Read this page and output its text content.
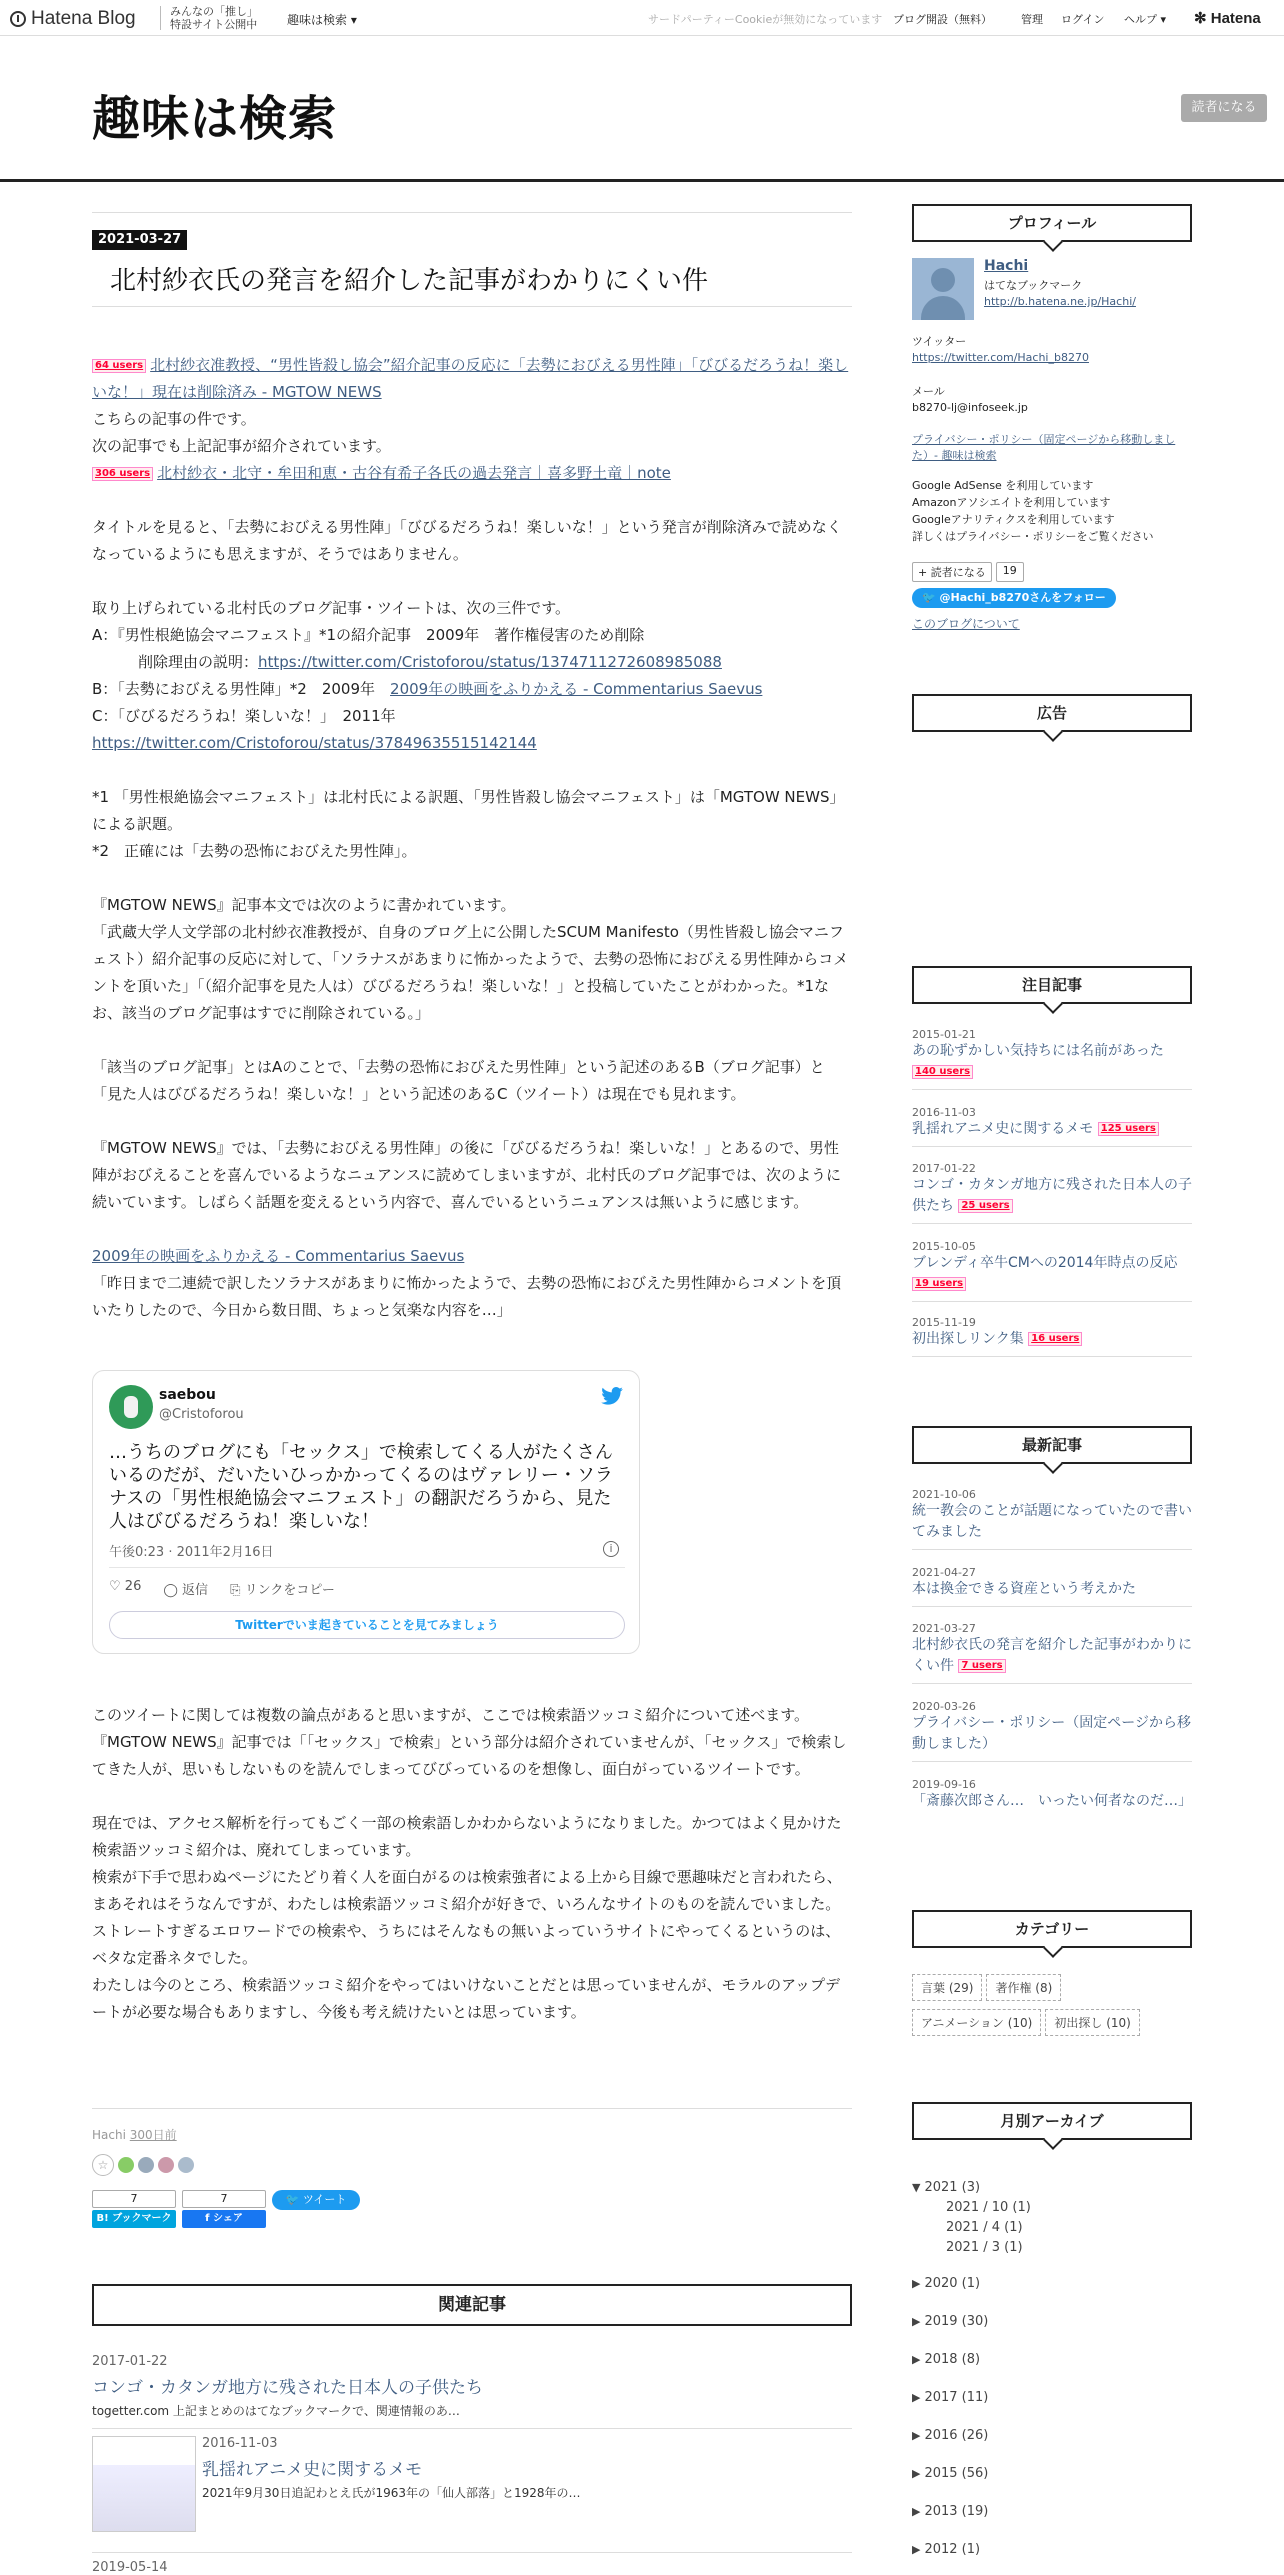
Hatena Blog	みんなの「推し」
特設サイト公開中 趣味は検索 ▾	サードパーティーCookieが無効になっています ブログ開設（無料）	管理 ログイン ヘルプ ▾ ✻ Hatena
趣味は検索	読者になる
2021-03-27
北村紗衣氏の発言を紹介した記事がわかりにくい件
64 users 北村紗衣准教授、“男性皆殺し協会”紹介記事の反応に「去勢におびえる男性陣」「びびるだろうね！楽しいな！」現在は削除済み - MGTOW NEWS
こちらの記事の件です。
次の記事でも上記記事が紹介されています。
306 users 北村紗衣・北守・牟田和恵・古谷有希子各氏の過去発言｜喜多野土竜｜note
タイトルを見ると、「去勢におびえる男性陣」「びびるだろうね！楽しいな！」という発言が削除済みで読めなくなっているようにも思えますが、そうではありません。
取り上げられている北村氏のブログ記事・ツイートは、次の三件です。
A：『男性根絶協会マニフェスト』*1の紹介記事　2009年　著作権侵害のため削除
削除理由の説明：https://twitter.com/Cristoforou/status/1374711272608985088
B：「去勢におびえる男性陣」*2　2009年　 2009年の映画をふりかえる - Commentarius Saevus
C：「びびるだろうね！楽しいな！」　2011年　https://twitter.com/Cristoforou/status/37849635515142144
*1 「男性根絶協会マニフェスト」は北村氏による訳題、「男性皆殺し協会マニフェスト」は「MGTOW NEWS」による訳題。
*2　正確には「去勢の恐怖におびえた男性陣」。
『MGTOW NEWS』記事本文では次のように書かれています。
「武蔵大学人文学部の北村紗衣准教授が、自身のブログ上に公開したSCUM Manifesto（男性皆殺し協会マニフェスト）紹介記事の反応に対して、「ソラナスがあまりに怖かったようで、去勢の恐怖におびえる男性陣からコメントを頂いた」「（紹介記事を見た人は）びびるだろうね！楽しいな！」と投稿していたことがわかった。*1なお、該当のブログ記事はすでに削除されている。」
「該当のブログ記事」とはAのことで、「去勢の恐怖におびえた男性陣」という記述のあるB（ブログ記事）と「見た人はびびるだろうね！楽しいな！」という記述のあるC（ツイート）は現在でも見れます。
『MGTOW NEWS』では、「去勢におびえる男性陣」の後に「びびるだろうね！楽しいな！」とあるので、男性陣がおびえることを喜んでいるようなニュアンスに読めてしまいますが、北村氏のブログ記事では、次のように続いています。しばらく話題を変えるという内容で、喜んでいるというニュアンスは無いように感じます。
2009年の映画をふりかえる - Commentarius Saevus
「昨日まで二連続で訳したソラナスがあまりに怖かったようで、去勢の恐怖におびえた男性陣からコメントを頂いたりしたので、今日から数日間、ちょっと気楽な内容を…」
saebou
@Cristoforou
…うちのブログにも「セックス」で検索してくる人がたくさんいるのだが、だいたいひっかかってくるのはヴァレリー・ソラナスの「男性根絶協会マニフェスト」の翻訳だろうから、見た人はびびるだろうね！楽しいな！
午後0:23 · 2011年2月16日	i
♡ 26 ◯ 返信 ⎘ リンクをコピー
Twitterでいま起きていることを見てみましょう
このツイートに関しては複数の論点があると思いますが、ここでは検索語ツッコミ紹介について述べます。
『MGTOW NEWS』記事では「「セックス」で検索」という部分は紹介されていませんが、「セックス」で検索してきた人が、思いもしないものを読んでしまってびびっているのを想像し、面白がっているツイートです。
現在では、アクセス解析を行ってもごく一部の検索語しかわからないようになりました。かつてはよく見かけた検索語ツッコミ紹介は、廃れてしまっています。
検索が下手で思わぬページにたどり着く人を面白がるのは検索強者による上から目線で悪趣味だと言われたら、まあそれはそうなんですが、わたしは検索語ツッコミ紹介が好きで、いろんなサイトのものを読んでいました。ストレートすぎるエロワードでの検索や、うちにはそんなもの無いよっていうサイトにやってくるというのは、ベタな定番ネタでした。
わたしは今のところ、検索語ツッコミ紹介をやってはいけないことだとは思っていませんが、モラルのアップデートが必要な場合もありますし、今後も考え続けたいとは思っています。
Hachi 300日前
☆
7
B! ブックマーク
7
f シェア
🐦 ツイート
関連記事
2017-01-22
コンゴ・カタンガ地方に残された日本人の子供たち
togetter.com 上記まとめのはてなブックマークで、関連情報のあ…
2016-11-03
乳揺れアニメ史に関するメモ
2021年9月30日追記わとえ氏が1963年の「仙人部落」と1928年の…
2019-05-14
プロフィール
Hachi
はてなブックマーク
http://b.hatena.ne.jp/Hachi/
ツイッター
https://twitter.com/Hachi_b8270
メール
b8270-lj@infoseek.jp
プライバシー・ポリシー（固定ページから移動しました）- 趣味は検索
Google AdSense を利用しています
Amazonアソシエイトを利用しています
Googleアナリティクスを利用しています
詳しくはプライバシー・ポリシーをご覧ください
+ 読者になる	19
🐦 @Hachi_b8270さんをフォロー
このブログについて
広告
注目記事
2015-01-21
あの恥ずかしい気持ちには名前があった
140 users
2016-11-03
乳揺れアニメ史に関するメモ 125 users
2017-01-22
コンゴ・カタンガ地方に残された日本人の子供たち 25 users
2015-10-05
ブレンディ卒牛CMへの2014年時点の反応 19 users
2015-11-19
初出探しリンク集 16 users
最新記事
2021-10-06
統一教会のことが話題になっていたので書いてみました
2021-04-27
本は換金できる資産という考えかた
2021-03-27
北村紗衣氏の発言を紹介した記事がわかりにくい件 7 users
2020-03-26
プライバシー・ポリシー（固定ページから移動しました）
2019-09-16
「斎藤次郎さん…　いったい何者なのだ…」
カテゴリー
言葉 (29) 著作権 (8)
アニメーション (10) 初出探し (10)
月別アーカイブ
▼ 2021 (3)
2021 / 10 (1)
2021 / 4 (1)
2021 / 3 (1)
▶ 2020 (1)
▶ 2019 (30)
▶ 2018 (8)
▶ 2017 (11)
▶ 2016 (26)
▶ 2015 (56)
▶ 2013 (19)
▶ 2012 (1)
